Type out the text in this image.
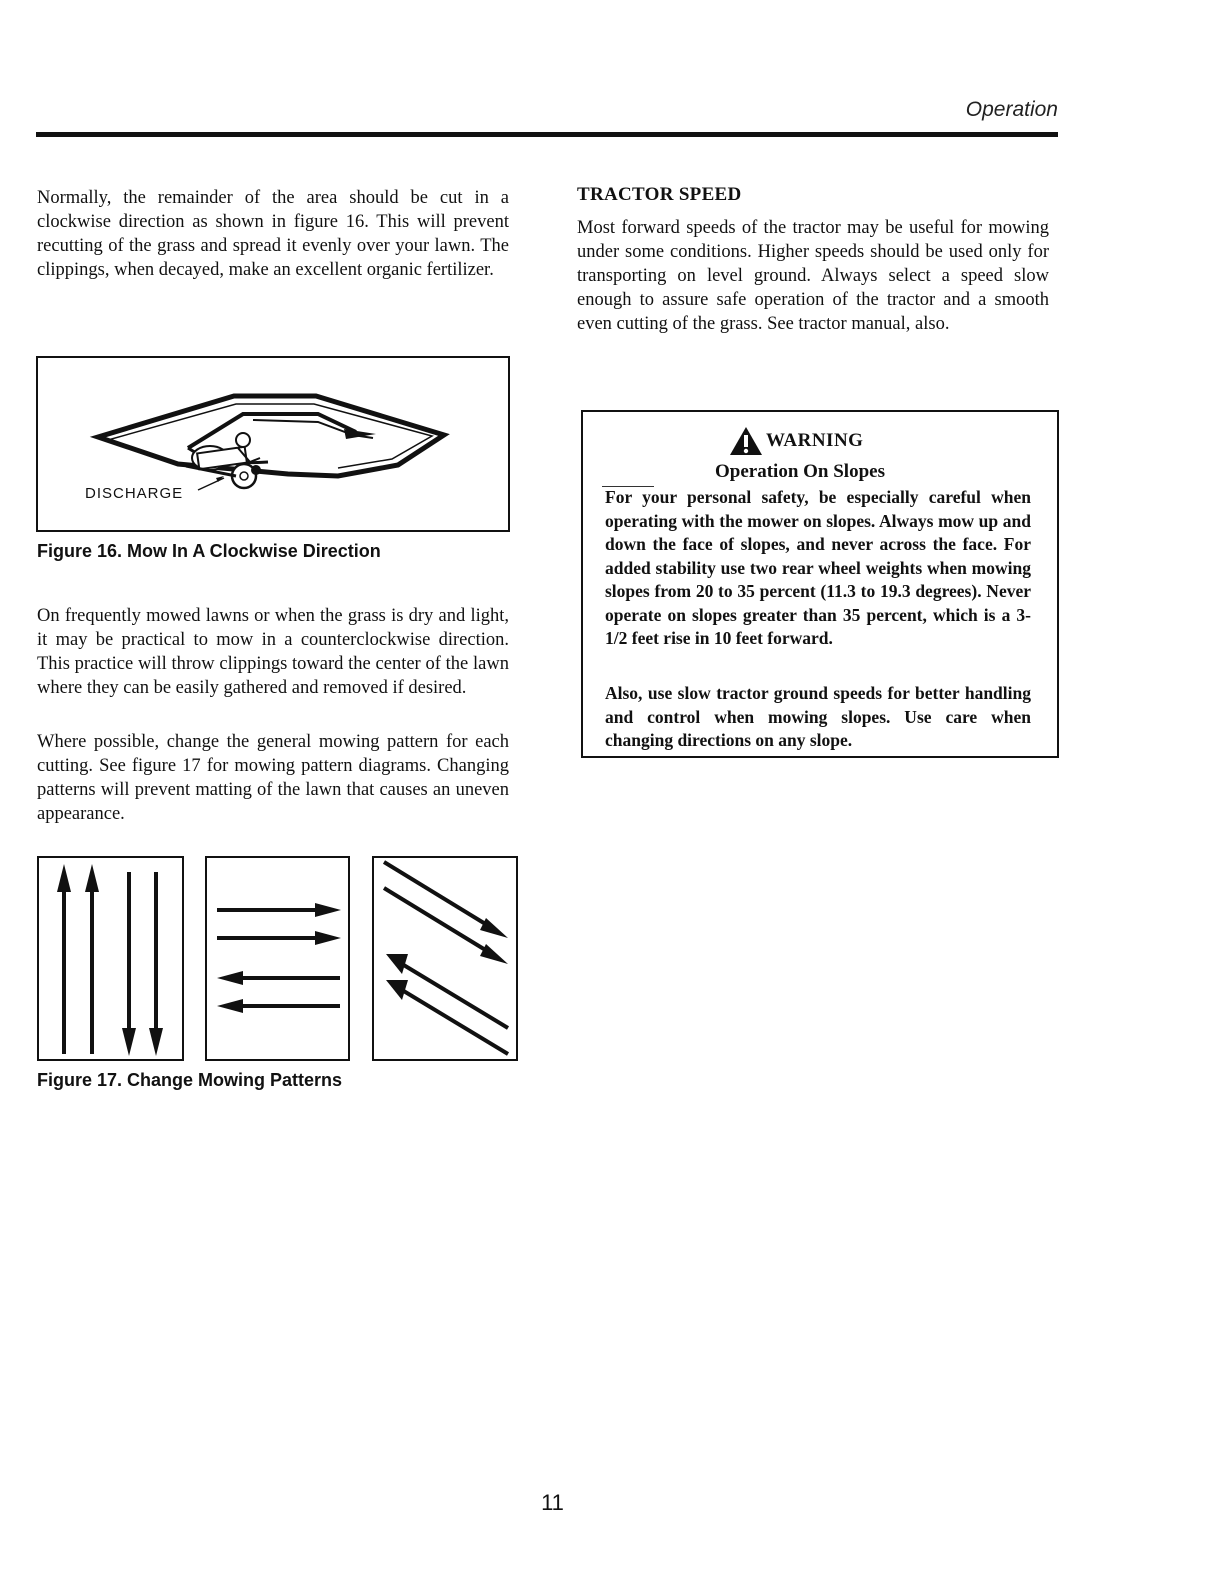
Operation

Normally, the remainder of the area should be cut in a clockwise direction as shown in figure 16. This will prevent recutting of the grass and spread it evenly over your lawn. The clippings, when decayed, make an excellent organic fertilizer.

DISCHARGE
Figure 16. Mow In A Clockwise Direction

On frequently mowed lawns or when the grass is dry and light, it may be practical to mow in a counterclockwise direction. This practice will throw clippings toward the center of the lawn where they can be easily gathered and removed if desired.

Where possible, change the general mowing pattern for each cutting. See figure 17 for mowing pattern diagrams. Changing patterns will prevent matting of the lawn that causes an uneven appearance.

Figure 17. Change Mowing Patterns
TRACTOR SPEED

Most forward speeds of the tractor may be useful for mowing under some conditions. Higher speeds should be used only for transporting on level ground. Always select a speed slow enough to assure safe operation of the tractor and a smooth even cutting of the grass. See tractor manual, also.

WARNING
Operation On Slopes

For your personal safety, be especially careful when operating with the mower on slopes. Always mow up and down the face of slopes, and never across the face. For added stability use two rear wheel weights when mowing slopes from 20 to 35 percent (11.3 to 19.3 degrees). Never operate on slopes greater than 35 percent, which is a 3-1/2 feet rise in 10 feet forward.

Also, use slow tractor ground speeds for better handling and control when mowing slopes. Use care when changing directions on any slope.

11
